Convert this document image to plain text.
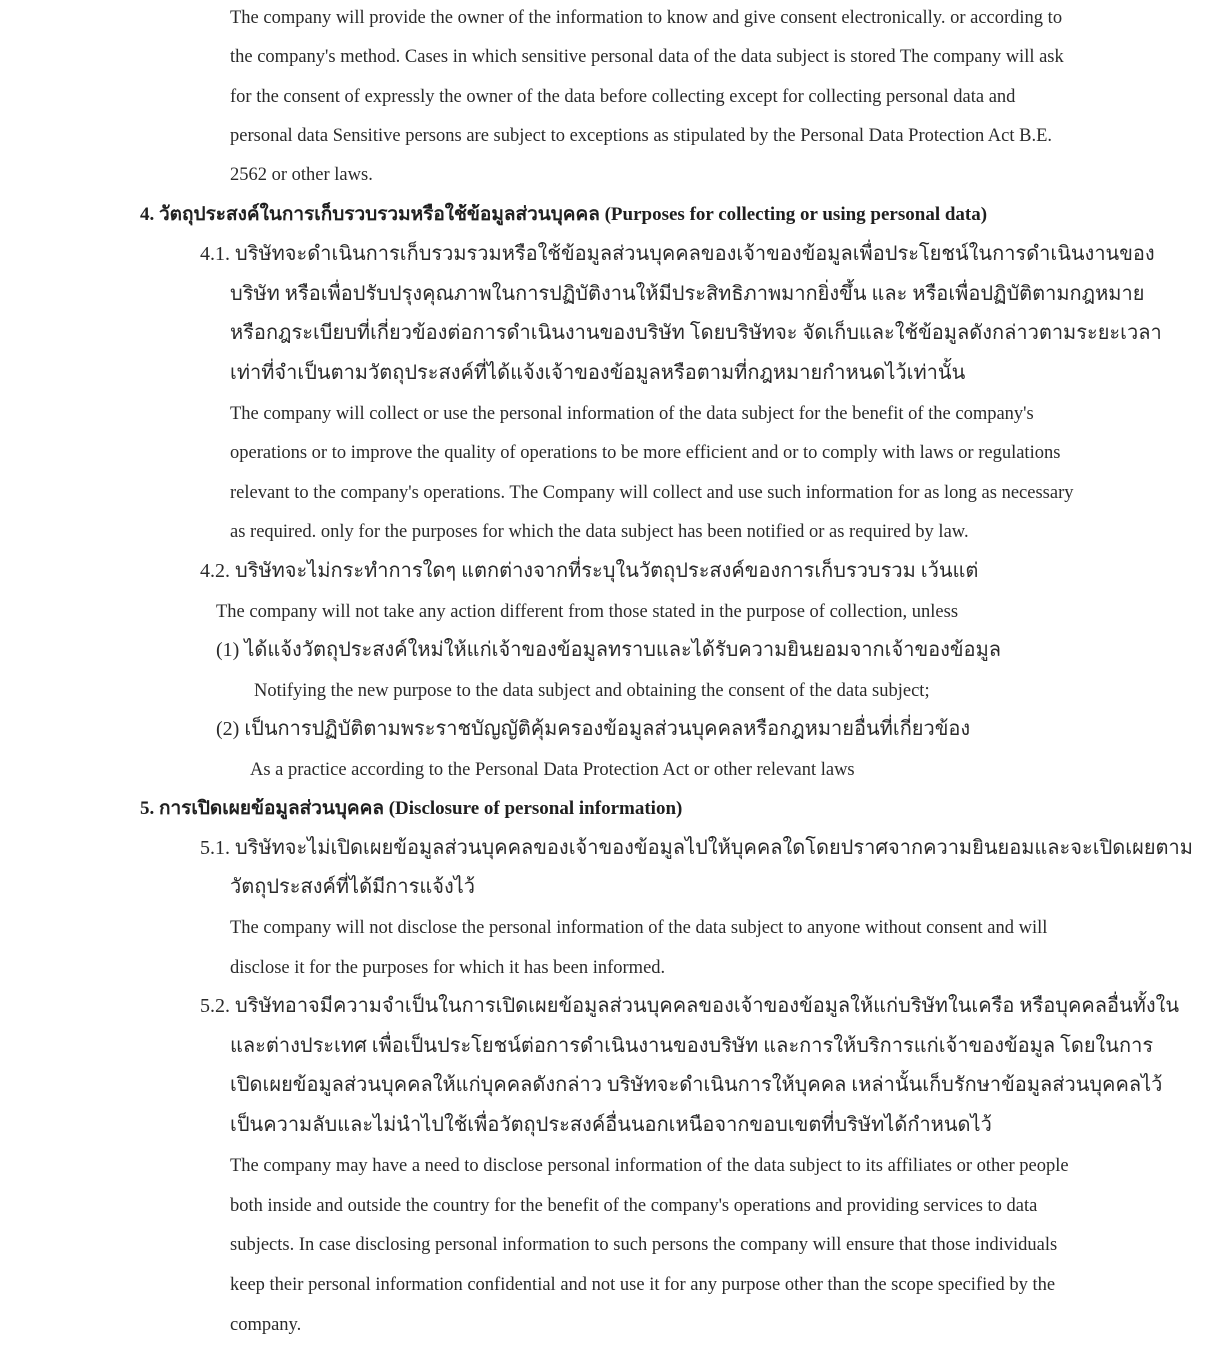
The company will provide the owner of the information to know and give consent electronically. or according to
the company's method. Cases in which sensitive personal data of the data subject is stored The company will ask
for the consent of expressly the owner of the data before collecting except for collecting personal data and
personal data Sensitive persons are subject to exceptions as stipulated by the Personal Data Protection Act B.E.
2562 or other laws.
4. วัตถุประสงค์ในการเก็บรวบรวมหรือใช้ข้อมูลส่วนบุคคล (Purposes for collecting or using personal data)
4.1. บริษัทจะดำเนินการเก็บรวมรวมหรือใช้ข้อมูลส่วนบุคคลของเจ้าของข้อมูลเพื่อประโยชน์ในการดำเนินงานของ
บริษัท หรือเพื่อปรับปรุงคุณภาพในการปฏิบัติงานให้มีประสิทธิภาพมากยิ่งขึ้น และ หรือเพื่อปฏิบัติตามกฎหมาย
หรือกฎระเบียบที่เกี่ยวข้องต่อการดำเนินงานของบริษัท โดยบริษัทจะ จัดเก็บและใช้ข้อมูลดังกล่าวตามระยะเวลา
เท่าที่จำเป็นตามวัตถุประสงค์ที่ได้แจ้งเจ้าของข้อมูลหรือตามที่กฎหมายกำหนดไว้เท่านั้น
The company will collect or use the personal information of the data subject for the benefit of the company's
operations or to improve the quality of operations to be more efficient and or to comply with laws or regulations
relevant to the company's operations. The Company will collect and use such information for as long as necessary
as required. only for the purposes for which the data subject has been notified or as required by law.
4.2. บริษัทจะไม่กระทำการใดๆ แตกต่างจากที่ระบุในวัตถุประสงค์ของการเก็บรวบรวม เว้นแต่
The company will not take any action different from those stated in the purpose of collection, unless
(1) ได้แจ้งวัตถุประสงค์ใหม่ให้แก่เจ้าของข้อมูลทราบและได้รับความยินยอมจากเจ้าของข้อมูล
Notifying the new purpose to the data subject and obtaining the consent of the data subject;
(2) เป็นการปฏิบัติตามพระราชบัญญัติคุ้มครองข้อมูลส่วนบุคคลหรือกฎหมายอื่นที่เกี่ยวข้อง
As a practice according to the Personal Data Protection Act or other relevant laws
5. การเปิดเผยข้อมูลส่วนบุคคล (Disclosure of personal information)
5.1. บริษัทจะไม่เปิดเผยข้อมูลส่วนบุคคลของเจ้าของข้อมูลไปให้บุคคลใดโดยปราศจากความยินยอมและจะเปิดเผยตาม
วัตถุประสงค์ที่ได้มีการแจ้งไว้
The company will not disclose the personal information of the data subject to anyone without consent and will
disclose it for the purposes for which it has been informed.
5.2. บริษัทอาจมีความจำเป็นในการเปิดเผยข้อมูลส่วนบุคคลของเจ้าของข้อมูลให้แก่บริษัทในเครือ หรือบุคคลอื่นทั้งใน
และต่างประเทศ เพื่อเป็นประโยชน์ต่อการดำเนินงานของบริษัท และการให้บริการแก่เจ้าของข้อมูล โดยในการ
เปิดเผยข้อมูลส่วนบุคคลให้แก่บุคคลดังกล่าว บริษัทจะดำเนินการให้บุคคล เหล่านั้นเก็บรักษาข้อมูลส่วนบุคคลไว้
เป็นความลับและไม่นำไปใช้เพื่อวัตถุประสงค์อื่นนอกเหนือจากขอบเขตที่บริษัทได้กำหนดไว้
The company may have a need to disclose personal information of the data subject to its affiliates or other people
both inside and outside the country for the benefit of the company's operations and providing services to data
subjects. In case disclosing personal information to such persons the company will ensure that those individuals
keep their personal information confidential and not use it for any purpose other than the scope specified by the
company.
